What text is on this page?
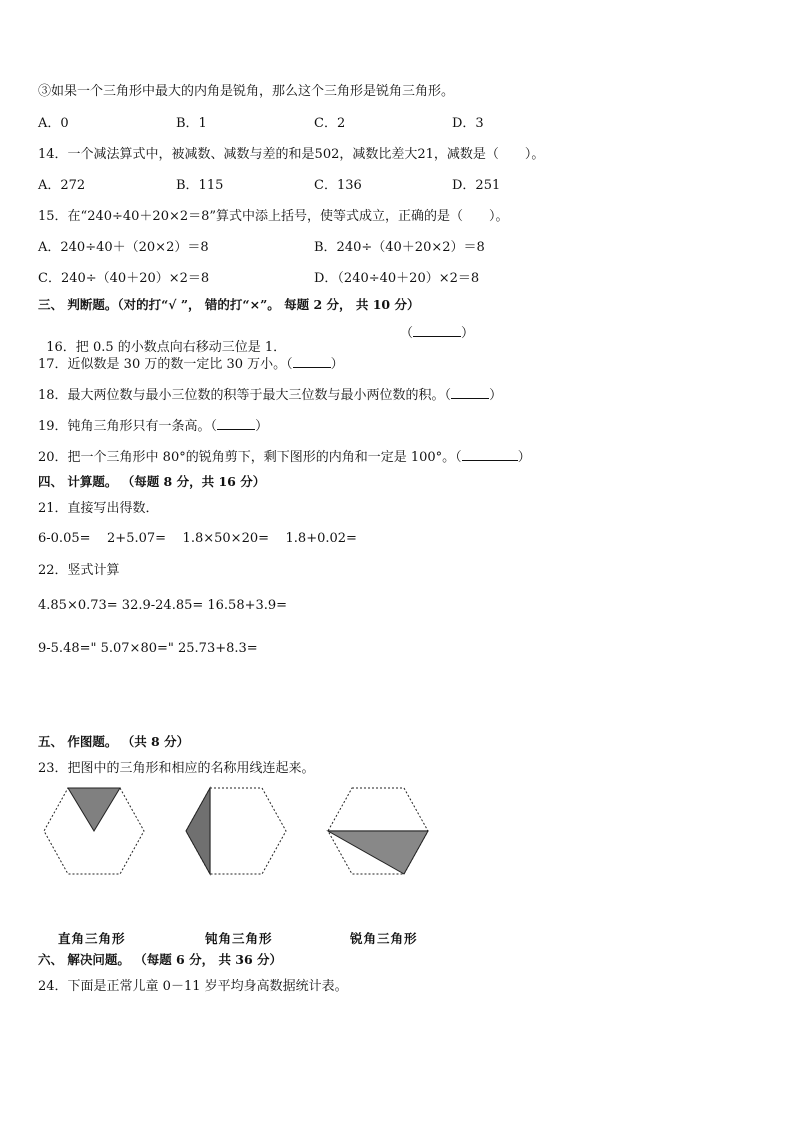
③如果一个三角形中最大的内角是锐角，那么这个三角形是锐角三角形。
A．0	B．1	C．2	D．3
14．一个减法算式中，被减数、减数与差的和是502，减数比差大21，减数是（　　）。
A．272	B．115	C．136	D．251
15．在“240÷40＋20×2＝8”算式中添上括号，使等式成立，正确的是（　　）。
A．240÷40＋（20×2）＝8	B．240÷（40＋20×2）＝8
C．240÷（40＋20）×2＝8	D．（240÷40＋20）×2＝8
三、 判断题。（对的打“√ ”， 错的打“×”。 每题 2 分， 共 10 分）

16．把 0.5 的小数点向右移动三位是 1．

（	）
17．近似数是 30 万的数一定比 30 万小。（	）
18．最大两位数与最小三位数的积等于最大三位数与最小两位数的积。（	）
19．钝角三角形只有一条高。（	）
20．把一个三角形中 80°的锐角剪下，剩下图形的内角和一定是 100°。（	）
四、 计算题。 （每题 8 分，共 16 分）
21．直接写出得数．
6-0.05=    2+5.07=    1.8×50×20=    1.8+0.02=
22．竖式计算
4.85×0.73= 32.9-24.85= 16.58+3.9=
9-5.48=" 5.07×80=" 25.73+8.3=
五、 作图题。 （共 8 分）
23．把图中的三角形和相应的名称用线连起来。
直角三角形	钝角三角形	锐角三角形
六、 解决问题。 （每题 6 分， 共 36 分）
24．下面是正常儿童 0－11 岁平均身高数据统计表。
